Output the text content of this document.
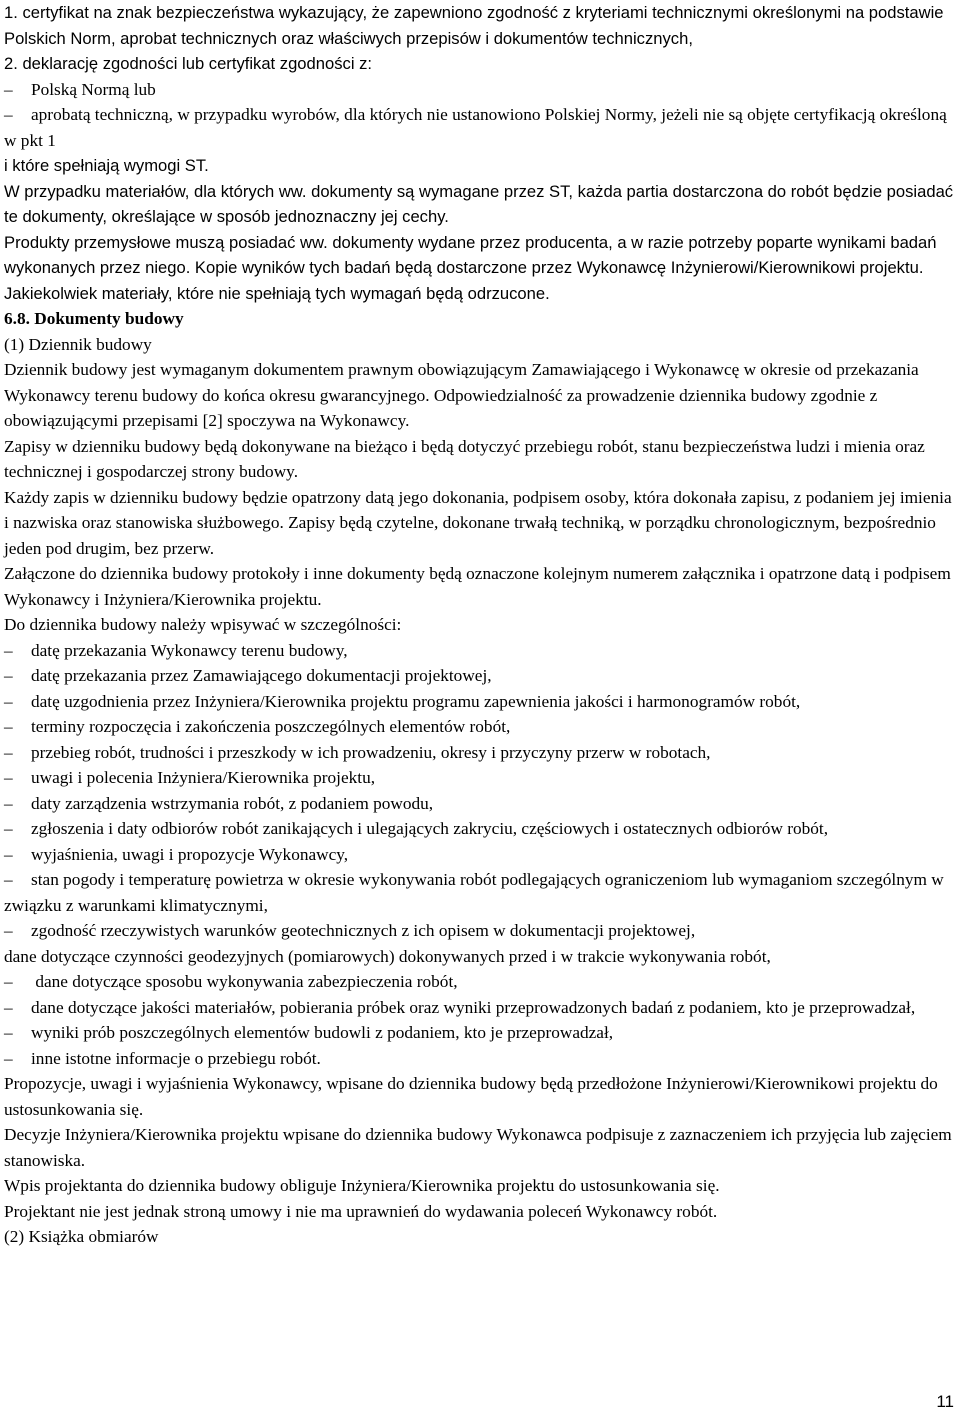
1. certyfikat na znak bezpieczeństwa wykazujący, że zapewniono zgodność z kryteriami technicznymi określonymi na podstawie Polskich Norm, aprobat technicznych oraz właściwych przepisów i dokumentów technicznych,

2. deklarację zgodności lub certyfikat zgodności z:

–	Polską Normą lub

– aprobatą techniczną, w przypadku wyrobów, dla których nie ustanowiono Polskiej Normy, jeżeli nie są objęte certyfikacją określoną w pkt 1

i które spełniają wymogi ST.

W przypadku materiałów, dla których ww. dokumenty są wymagane przez ST, każda partia dostarczona do robót będzie posiadać te dokumenty, określające w sposób jednoznaczny jej cechy.

Produkty przemysłowe muszą posiadać ww. dokumenty wydane przez producenta, a w razie potrzeby poparte wynikami badań wykonanych przez niego. Kopie wyników tych badań będą dostarczone przez Wykonawcę Inżynierowi/Kierownikowi projektu.

Jakiekolwiek materiały, które nie spełniają tych wymagań będą odrzucone.

6.8. Dokumenty budowy

(1) Dziennik budowy

Dziennik budowy jest wymaganym dokumentem prawnym obowiązującym Zamawiającego i Wykonawcę w okresie od przekazania Wykonawcy terenu budowy do końca okresu gwarancyjnego. Odpowiedzialność za prowadzenie dziennika budowy zgodnie z obowiązującymi przepisami [2] spoczywa na Wykonawcy.

Zapisy w dzienniku budowy będą dokonywane na bieżąco i będą dotyczyć przebiegu robót, stanu bezpieczeństwa ludzi i mienia oraz technicznej i gospodarczej strony budowy.

Każdy zapis w dzienniku budowy będzie opatrzony datą jego dokonania, podpisem osoby, która dokonała zapisu, z podaniem jej imienia i nazwiska oraz stanowiska służbowego. Zapisy będą czytelne, dokonane trwałą techniką, w porządku chronologicznym, bezpośrednio jeden pod drugim, bez przerw.

Załączone do dziennika budowy protokoły i inne dokumenty będą oznaczone kolejnym numerem załącznika i opatrzone datą i podpisem Wykonawcy i Inżyniera/Kierownika projektu.

Do dziennika budowy należy wpisywać w szczególności:

– datę przekazania Wykonawcy terenu budowy,

– datę przekazania przez Zamawiającego dokumentacji projektowej,

– datę uzgodnienia przez Inżyniera/Kierownika projektu programu zapewnienia jakości i harmonogramów robót,

– terminy rozpoczęcia i zakończenia poszczególnych elementów robót,

– przebieg robót, trudności i przeszkody w ich prowadzeniu, okresy i przyczyny przerw w robotach,

– uwagi i polecenia Inżyniera/Kierownika projektu,

– daty zarządzenia wstrzymania robót, z podaniem powodu,

– zgłoszenia i daty odbiorów robót zanikających i ulegających zakryciu, częściowych i ostatecznych odbiorów robót,

– wyjaśnienia, uwagi i propozycje Wykonawcy,

– stan pogody i temperaturę powietrza w okresie wykonywania robót podlegających ograniczeniom lub wymaganiom szczególnym w związku z warunkami klimatycznymi,

– zgodność rzeczywistych warunków geotechnicznych z ich opisem w dokumentacji projektowej,

dane dotyczące czynności geodezyjnych (pomiarowych) dokonywanych przed i w trakcie wykonywania robót,

– dane dotyczące sposobu wykonywania zabezpieczenia robót,

– dane dotyczące jakości materiałów, pobierania próbek oraz wyniki przeprowadzonych badań z podaniem, kto je przeprowadzał,

– wyniki prób poszczególnych elementów budowli z podaniem, kto je przeprowadzał,

– inne istotne informacje o przebiegu robót.

Propozycje, uwagi i wyjaśnienia Wykonawcy, wpisane do dziennika budowy będą przedłożone Inżynierowi/Kierownikowi projektu do ustosunkowania się.

Decyzje Inżyniera/Kierownika projektu wpisane do dziennika budowy Wykonawca podpisuje z zaznaczeniem ich przyjęcia lub zajęciem stanowiska.

Wpis projektanta do dziennika budowy obliguje Inżyniera/Kierownika projektu do ustosunkowania się.

Projektant nie jest jednak stroną umowy i nie ma uprawnień do wydawania poleceń Wykonawcy robót.

(2) Książka obmiarów

11
